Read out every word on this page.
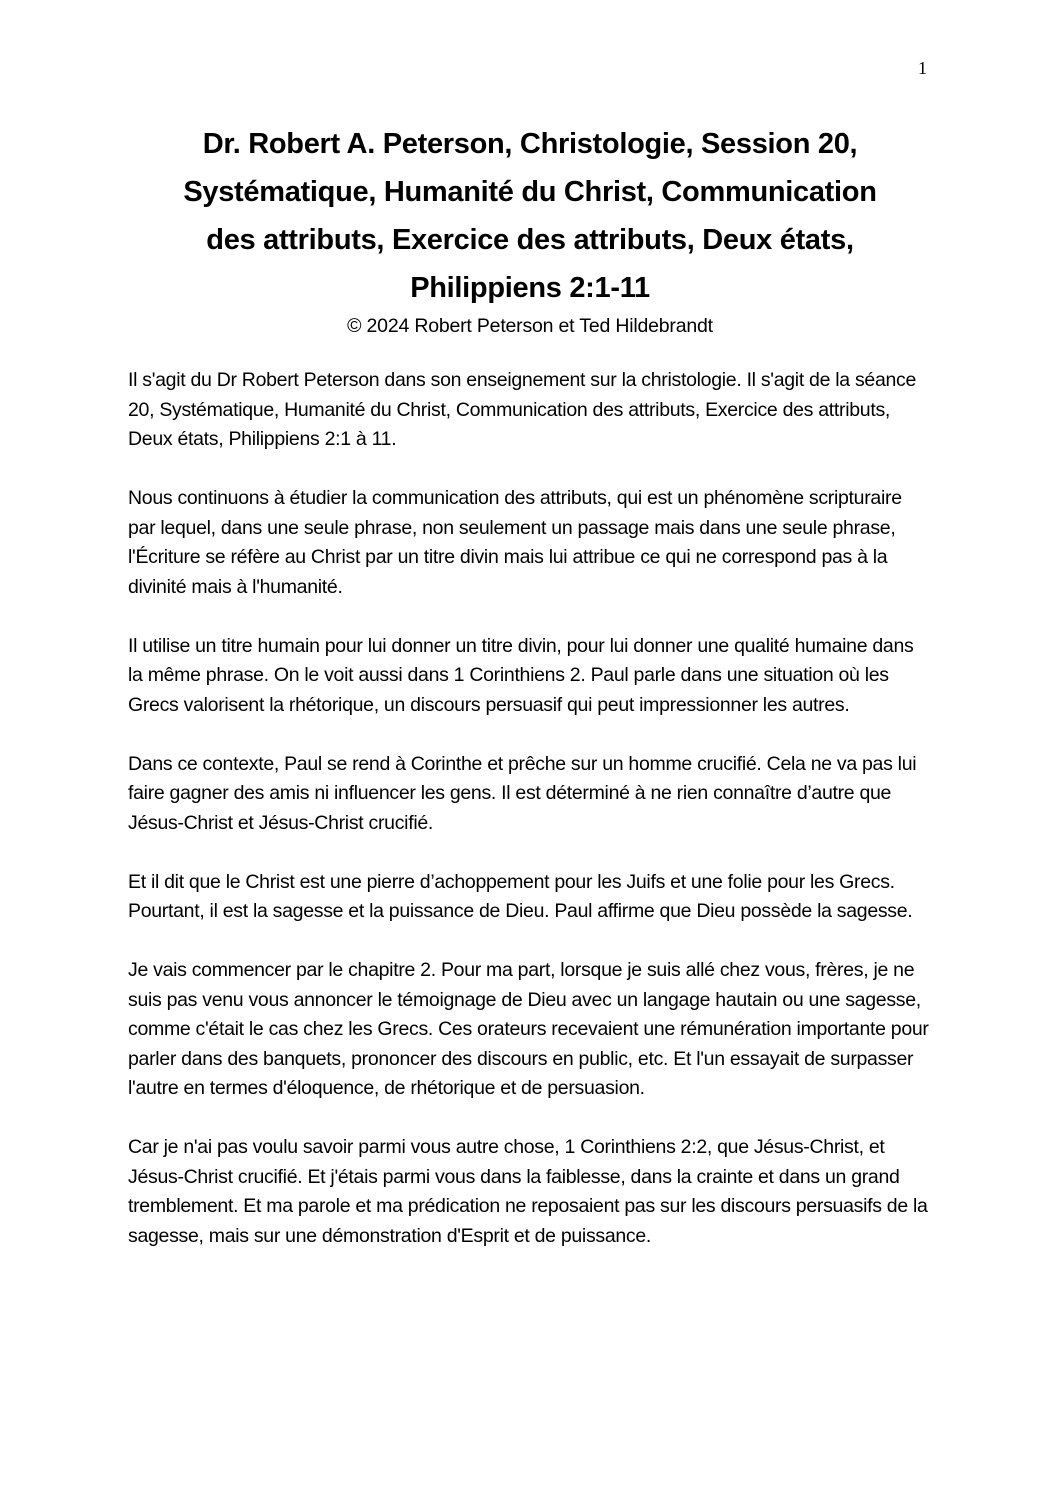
1
Dr. Robert A. Peterson, Christologie, Session 20,
Systématique, Humanité du Christ, Communication
des attributs, Exercice des attributs, Deux états,
Philippiens 2:1-11
© 2024 Robert Peterson et Ted Hildebrandt

Il s'agit du Dr Robert Peterson dans son enseignement sur la christologie. Il s'agit de la séance 20, Systématique, Humanité du Christ, Communication des attributs, Exercice des attributs, Deux états, Philippiens 2:1 à 11.

Nous continuons à étudier la communication des attributs, qui est un phénomène scripturaire par lequel, dans une seule phrase, non seulement un passage mais dans une seule phrase, l'Écriture se réfère au Christ par un titre divin mais lui attribue ce qui ne correspond pas à la divinité mais à l'humanité.

Il utilise un titre humain pour lui donner un titre divin, pour lui donner une qualité humaine dans la même phrase. On le voit aussi dans 1 Corinthiens 2. Paul parle dans une situation où les Grecs valorisent la rhétorique, un discours persuasif qui peut impressionner les autres.

Dans ce contexte, Paul se rend à Corinthe et prêche sur un homme crucifié. Cela ne va pas lui faire gagner des amis ni influencer les gens. Il est déterminé à ne rien connaître d’autre que Jésus-Christ et Jésus-Christ crucifié.

Et il dit que le Christ est une pierre d’achoppement pour les Juifs et une folie pour les Grecs. Pourtant, il est la sagesse et la puissance de Dieu. Paul affirme que Dieu possède la sagesse.

Je vais commencer par le chapitre 2. Pour ma part, lorsque je suis allé chez vous, frères, je ne suis pas venu vous annoncer le témoignage de Dieu avec un langage hautain ou une sagesse, comme c'était le cas chez les Grecs. Ces orateurs recevaient une rémunération importante pour parler dans des banquets, prononcer des discours en public, etc. Et l'un essayait de surpasser l'autre en termes d'éloquence, de rhétorique et de persuasion.

Car je n'ai pas voulu savoir parmi vous autre chose, 1 Corinthiens 2:2, que Jésus-Christ, et Jésus-Christ crucifié. Et j'étais parmi vous dans la faiblesse, dans la crainte et dans un grand tremblement. Et ma parole et ma prédication ne reposaient pas sur les discours persuasifs de la sagesse, mais sur une démonstration d'Esprit et de puissance.
